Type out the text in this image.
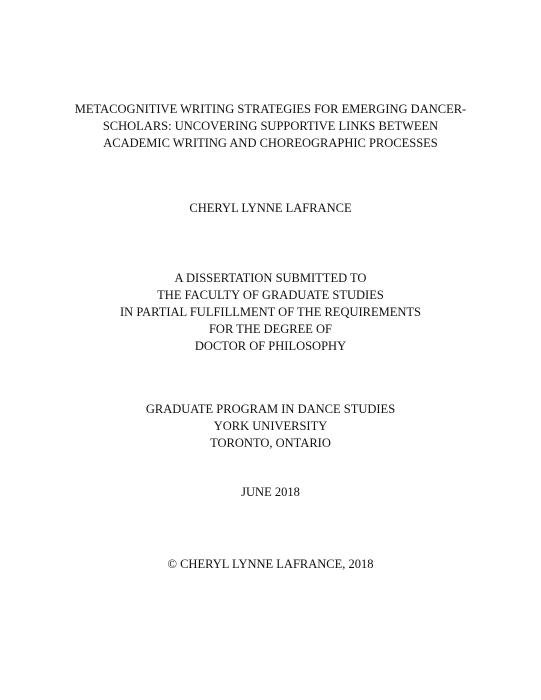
METACOGNITIVE WRITING STRATEGIES FOR EMERGING DANCER-
SCHOLARS: UNCOVERING SUPPORTIVE LINKS BETWEEN
ACADEMIC WRITING AND CHOREOGRAPHIC PROCESSES
CHERYL LYNNE LAFRANCE
A DISSERTATION SUBMITTED TO
THE FACULTY OF GRADUATE STUDIES
IN PARTIAL FULFILLMENT OF THE REQUIREMENTS
FOR THE DEGREE OF
DOCTOR OF PHILOSOPHY
GRADUATE PROGRAM IN DANCE STUDIES
YORK UNIVERSITY
TORONTO, ONTARIO
JUNE 2018
© CHERYL LYNNE LAFRANCE, 2018
